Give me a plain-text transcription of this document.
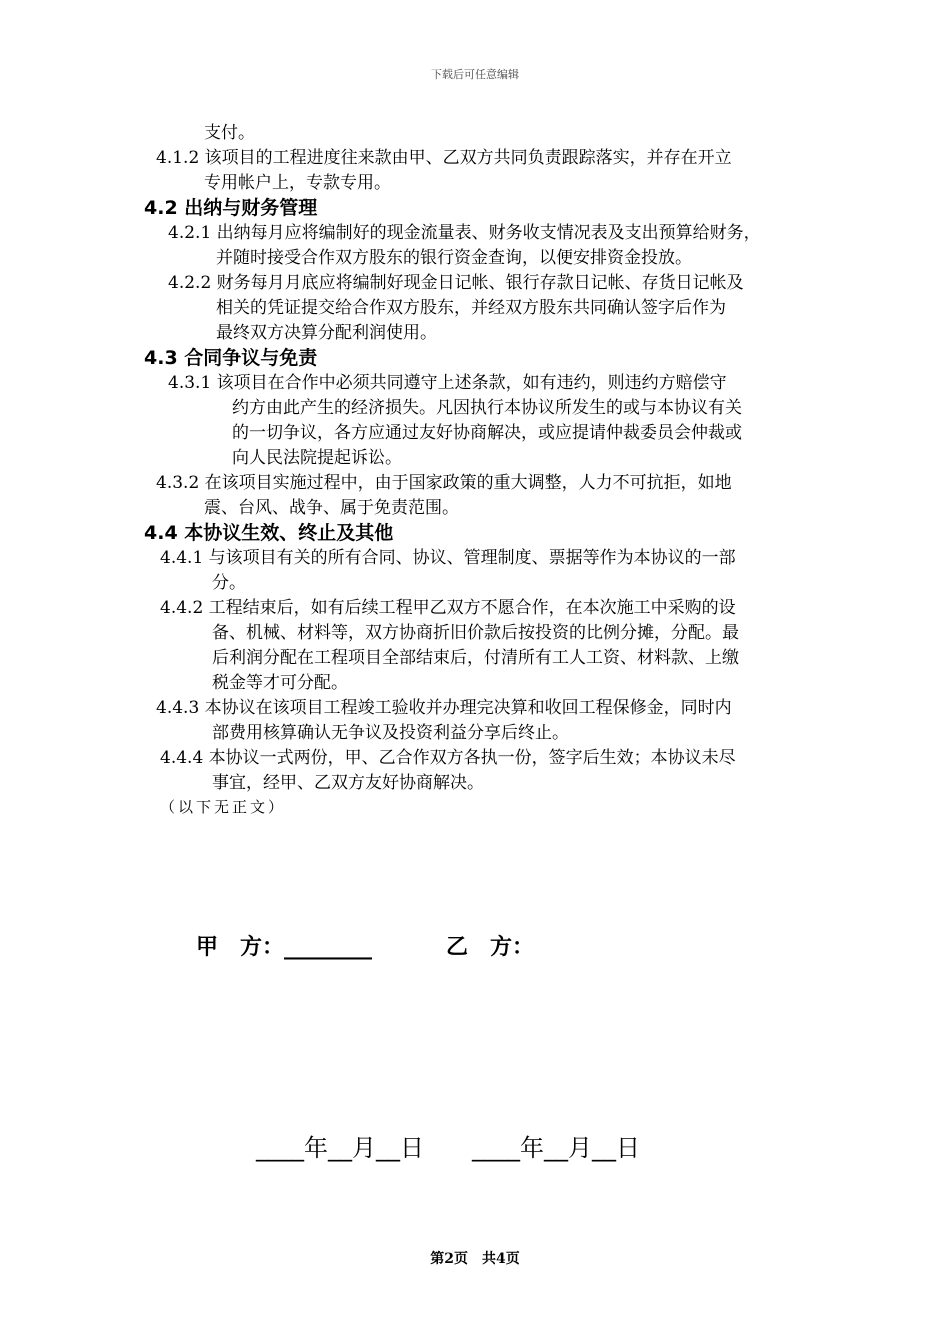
下载后可任意编辑
支付。
4.1.2 该项目的工程进度往来款由甲、乙双方共同负责跟踪落实，并存在开立
专用帐户上，专款专用。
4.2 出纳与财务管理
4.2.1 出纳每月应将编制好的现金流量表、财务收支情况表及支出预算给财务，
并随时接受合作双方股东的银行资金查询，以便安排资金投放。
4.2.2 财务每月月底应将编制好现金日记帐、银行存款日记帐、存货日记帐及
相关的凭证提交给合作双方股东，并经双方股东共同确认签字后作为
最终双方决算分配利润使用。
4.3 合同争议与免责
4.3.1 该项目在合作中必须共同遵守上述条款，如有违约，则违约方赔偿守
约方由此产生的经济损失。凡因执行本协议所发生的或与本协议有关
的一切争议，各方应通过友好协商解决，或应提请仲裁委员会仲裁或
向人民法院提起诉讼。
4.3.2 在该项目实施过程中，由于国家政策的重大调整，人力不可抗拒，如地
震、台风、战争、属于免责范围。
4.4 本协议生效、终止及其他
4.4.1 与该项目有关的所有合同、协议、管理制度、票据等作为本协议的一部
分。
4.4.2 工程结束后，如有后续工程甲乙双方不愿合作，在本次施工中采购的设
备、机械、材料等，双方协商折旧价款后按投资的比例分摊，分配。最
后利润分配在工程项目全部结束后，付清所有工人工资、材料款、上缴
税金等才可分配。
4.4.3 本协议在该项目工程竣工验收并办理完决算和收回工程保修金，同时内
部费用核算确认无争议及投资利益分享后终止。
4.4.4 本协议一式两份，甲、乙合作双方各执一份，签字后生效；本协议未尽
事宜，经甲、乙双方友好协商解决。
（以下无正文）
甲　方：________	乙　方：
____年__月__日 ____年__月__日
第2页　共4页
